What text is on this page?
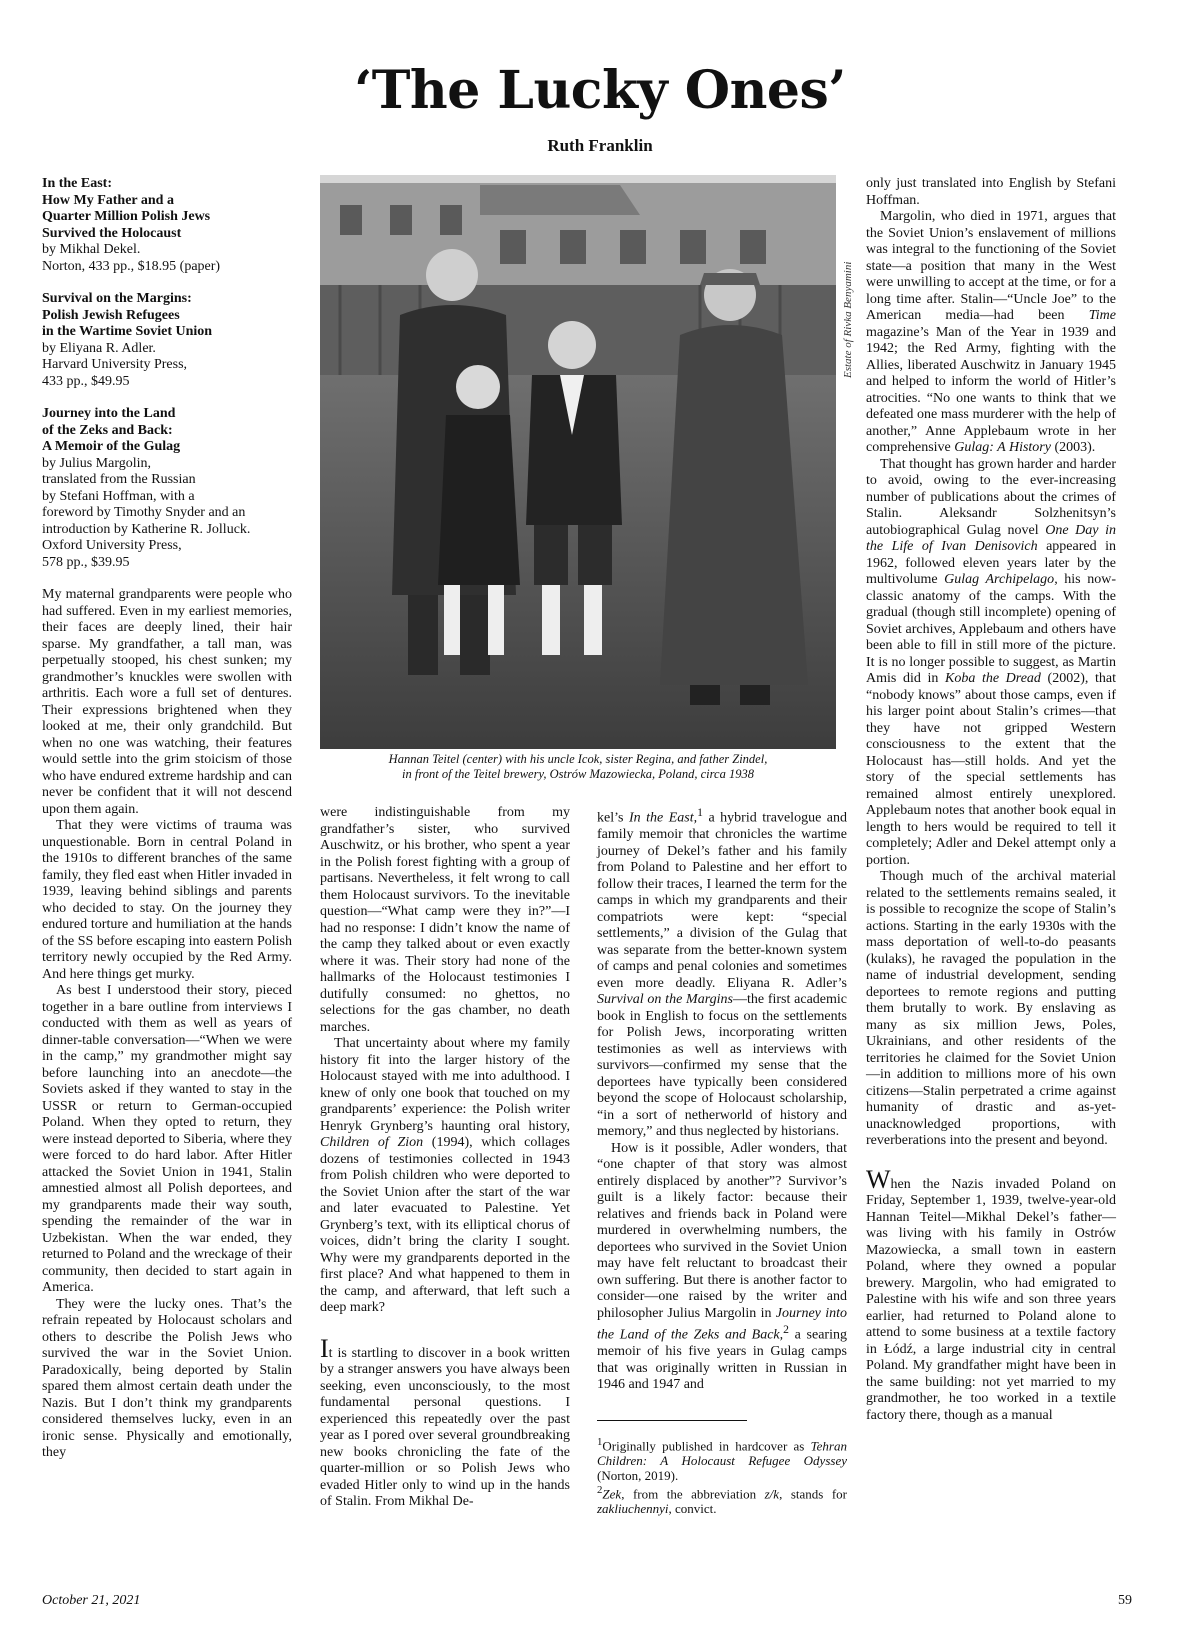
‘The Lucky Ones’

Ruth Franklin

In the East:
How My Father and a
Quarter Million Polish Jews
Survived the Holocaust
by Mikhal Dekel.
Norton, 433 pp., $18.95 (paper)
Survival on the Margins:
Polish Jewish Refugees
in the Wartime Soviet Union
by Eliyana R. Adler.
Harvard University Press,
433 pp., $49.95
Journey into the Land
of the Zeks and Back:
A Memoir of the Gulag
by Julius Margolin,
translated from the Russian
by Stefani Hoffman, with a
foreword by Timothy Snyder and an
introduction by Katherine R. Jolluck.
Oxford University Press,
578 pp., $39.95

My maternal grandparents were people who had suffered. Even in my earliest memories, their faces are deeply lined, their hair sparse. My grandfather, a tall man, was perpetually stooped, his chest sunken; my grandmother’s knuckles were swollen with arthritis. Each wore a full set of dentures. Their expressions brightened when they looked at me, their only grandchild. But when no one was watching, their features would settle into the grim stoicism of those who have endured extreme hardship and can never be confident that it will not descend upon them again.

That they were victims of trauma was unquestionable. Born in central Poland in the 1910s to different branches of the same family, they fled east when Hitler invaded in 1939, leaving behind siblings and parents who decided to stay. On the journey they endured torture and humiliation at the hands of the SS before escaping into eastern Polish territory newly occupied by the Red Army. And here things get murky.

As best I understood their story, pieced together in a bare outline from interviews I conducted with them as well as years of dinner-table conversation—“When we were in the camp,” my grandmother might say before launching into an anecdote—the Soviets asked if they wanted to stay in the USSR or return to German-occupied Poland. When they opted to return, they were instead deported to Siberia, where they were forced to do hard labor. After Hitler attacked the Soviet Union in 1941, Stalin amnestied almost all Polish deportees, and my grandparents made their way south, spending the remainder of the war in Uzbekistan. When the war ended, they returned to Poland and the wreckage of their community, then decided to start again in America.

They were the lucky ones. That’s the refrain repeated by Holocaust scholars and others to describe the Polish Jews who survived the war in the Soviet Union. Paradoxically, being deported by Stalin spared them almost certain death under the Nazis. But I don’t think my grandparents considered themselves lucky, even in an ironic sense. Physically and emotionally, they

Estate of Rivka Benyamini
Hannan Teitel (center) with his uncle Icok, sister Regina, and father Zindel,
in front of the Teitel brewery, Ostrów Mazowiecka, Poland, circa 1938

were indistinguishable from my grandfather’s sister, who survived Auschwitz, or his brother, who spent a year in the Polish forest fighting with a group of partisans. Nevertheless, it felt wrong to call them Holocaust survivors. To the inevitable question—“What camp were they in?”—I had no response: I didn’t know the name of the camp they talked about or even exactly where it was. Their story had none of the hallmarks of the Holocaust testimonies I dutifully consumed: no ghettos, no selections for the gas chamber, no death marches.

That uncertainty about where my family history fit into the larger history of the Holocaust stayed with me into adulthood. I knew of only one book that touched on my grandparents’ experience: the Polish writer Henryk Grynberg’s haunting oral history, Children of Zion (1994), which collages dozens of testimonies collected in 1943 from Polish children who were deported to the Soviet Union after the start of the war and later evacuated to Palestine. Yet Grynberg’s text, with its elliptical chorus of voices, didn’t bring the clarity I sought. Why were my grandparents deported in the first place? And what happened to them in the camp, and afterward, that left such a deep mark?

It is startling to discover in a book written by a stranger answers you have always been seeking, even unconsciously, to the most fundamental personal questions. I experienced this repeatedly over the past year as I pored over several groundbreaking new books chronicling the fate of the quarter-million or so Polish Jews who evaded Hitler only to wind up in the hands of Stalin. From Mikhal De-

kel’s In the East,$^1$ a hybrid travelogue and family memoir that chronicles the wartime journey of Dekel’s father and his family from Poland to Palestine and her effort to follow their traces, I learned the term for the camps in which my grandparents and their compatriots were kept: “special settlements,” a division of the Gulag that was separate from the better-known system of camps and penal colonies and sometimes even more deadly. Eliyana R. Adler’s Survival on the Margins—the first academic book in English to focus on the settlements for Polish Jews, incorporating written testimonies as well as interviews with survivors—confirmed my sense that the deportees have typically been considered beyond the scope of Holocaust scholarship, “in a sort of netherworld of history and memory,” and thus neglected by historians.

How is it possible, Adler wonders, that “one chapter of that story was almost entirely displaced by another”? Survivor’s guilt is a likely factor: because their relatives and friends back in Poland were murdered in overwhelming numbers, the deportees who survived in the Soviet Union may have felt reluctant to broadcast their own suffering. But there is another factor to consider—one raised by the writer and philosopher Julius Margolin in Journey into the Land of the Zeks and Back,$^2$ a searing memoir of his five years in Gulag camps that was originally written in Russian in 1946 and 1947 and

$^1$Originally published in hardcover as Tehran Children: A Holocaust Refugee Odyssey (Norton, 2019).

$^2$Zek, from the abbreviation z/k, stands for zakliuchennyi, convict.

only just translated into English by Stefani Hoffman.

Margolin, who died in 1971, argues that the Soviet Union’s enslavement of millions was integral to the functioning of the Soviet state—a position that many in the West were unwilling to accept at the time, or for a long time after. Stalin—“Uncle Joe” to the American media—had been Time magazine’s Man of the Year in 1939 and 1942; the Red Army, fighting with the Allies, liberated Auschwitz in January 1945 and helped to inform the world of Hitler’s atrocities. “No one wants to think that we defeated one mass murderer with the help of another,” Anne Applebaum wrote in her comprehensive Gulag: A History (2003).

That thought has grown harder and harder to avoid, owing to the ever-increasing number of publications about the crimes of Stalin. Aleksandr Solzhenitsyn’s autobiographical Gulag novel One Day in the Life of Ivan Denisovich appeared in 1962, followed eleven years later by the multivolume Gulag Archipelago, his now-classic anatomy of the camps. With the gradual (though still incomplete) opening of Soviet archives, Applebaum and others have been able to fill in still more of the picture. It is no longer possible to suggest, as Martin Amis did in Koba the Dread (2002), that “nobody knows” about those camps, even if his larger point about Stalin’s crimes—that they have not gripped Western consciousness to the extent that the Holocaust has—still holds. And yet the story of the special settlements has remained almost entirely unexplored. Applebaum notes that another book equal in length to hers would be required to tell it completely; Adler and Dekel attempt only a portion.

Though much of the archival material related to the settlements remains sealed, it is possible to recognize the scope of Stalin’s actions. Starting in the early 1930s with the mass deportation of well-to-do peasants (kulaks), he ravaged the population in the name of industrial development, sending deportees to remote regions and putting them brutally to work. By enslaving as many as six million Jews, Poles, Ukrainians, and other residents of the territories he claimed for the Soviet Union—in addition to millions more of his own citizens—Stalin perpetrated a crime against humanity of drastic and as-yet-unacknowledged proportions, with reverberations into the present and beyond.

When the Nazis invaded Poland on Friday, September 1, 1939, twelve-year-old Hannan Teitel—Mikhal Dekel’s father—was living with his family in Ostrów Mazowiecka, a small town in eastern Poland, where they owned a popular brewery. Margolin, who had emigrated to Palestine with his wife and son three years earlier, had returned to Poland alone to attend to some business at a textile factory in Łódź, a large industrial city in central Poland. My grandfather might have been in the same building: not yet married to my grandmother, he too worked in a textile factory there, though as a manual

October 21, 2021	59
